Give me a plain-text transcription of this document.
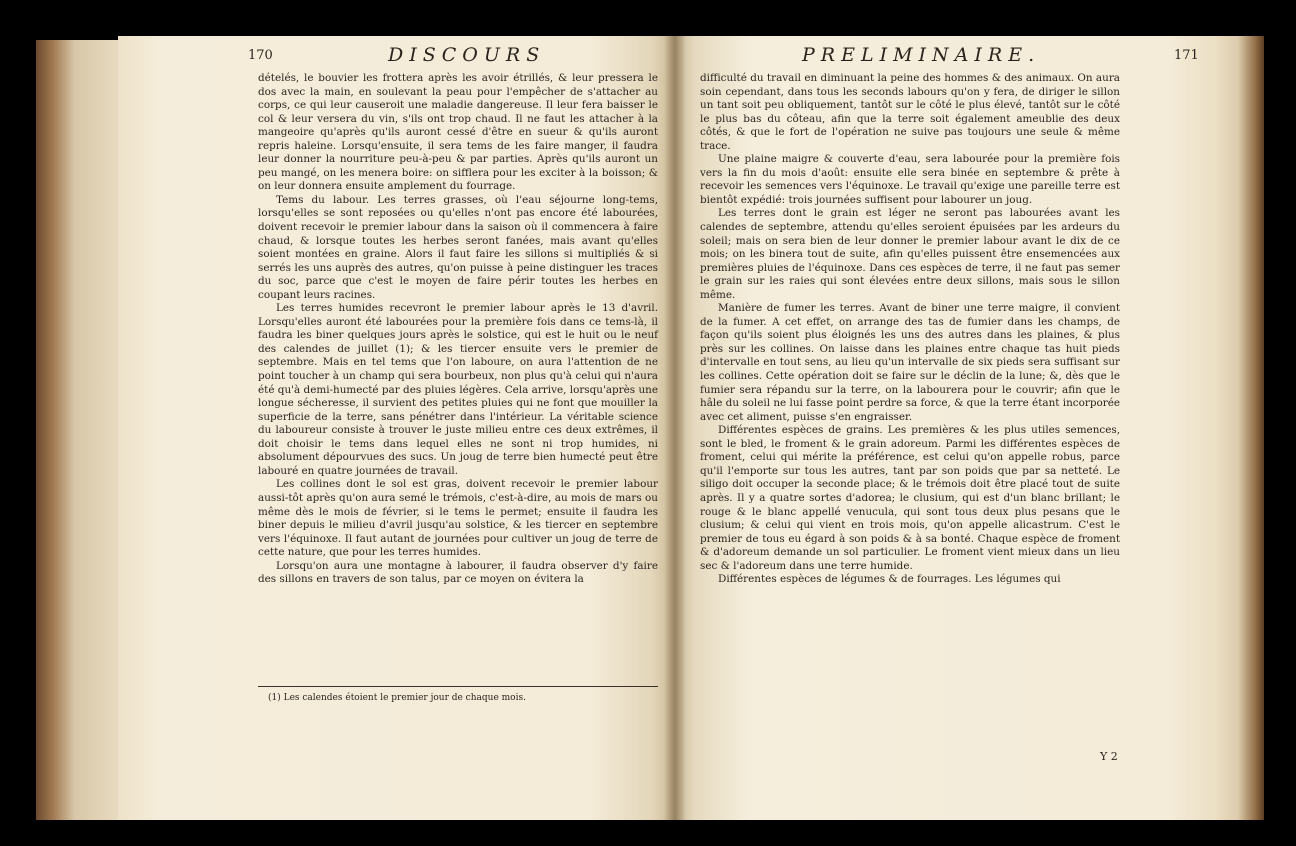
170	DISCOURS

dételés, le bouvier les frottera après les avoir étrillés, & leur pressera le dos avec la main, en soulevant la peau pour l'empêcher de s'attacher au corps, ce qui leur causeroit une maladie dangereuse. Il leur fera baisser le col & leur versera du vin, s'ils ont trop chaud. Il ne faut les attacher à la mangeoire qu'après qu'ils auront cessé d'être en sueur & qu'ils auront repris haleine. Lorsqu'ensuite, il sera tems de les faire manger, il faudra leur donner la nourriture peu-à-peu & par parties. Après qu'ils auront un peu mangé, on les menera boire: on sifflera pour les exciter à la boisson; & on leur donnera ensuite amplement du fourrage.

Tems du labour. Les terres grasses, où l'eau séjourne long-tems, lorsqu'elles se sont reposées ou qu'elles n'ont pas encore été labourées, doivent recevoir le premier labour dans la saison où il commencera à faire chaud, & lorsque toutes les herbes seront fanées, mais avant qu'elles soient montées en graine. Alors il faut faire les sillons si multipliés & si serrés les uns auprès des autres, qu'on puisse à peine distinguer les traces du soc, parce que c'est le moyen de faire périr toutes les herbes en coupant leurs racines.

Les terres humides recevront le premier labour après le 13 d'avril. Lorsqu'elles auront été labourées pour la première fois dans ce tems-là, il faudra les biner quelques jours après le solstice, qui est le huit ou le neuf des calendes de juillet (1); & les tiercer ensuite vers le premier de septembre. Mais en tel tems que l'on laboure, on aura l'attention de ne point toucher à un champ qui sera bourbeux, non plus qu'à celui qui n'aura été qu'à demi-humecté par des pluies légères. Cela arrive, lorsqu'après une longue sécheresse, il survient des petites pluies qui ne font que mouiller la superficie de la terre, sans pénétrer dans l'intérieur. La véritable science du laboureur consiste à trouver le juste milieu entre ces deux extrêmes, il doit choisir le tems dans lequel elles ne sont ni trop humides, ni absolument dépourvues des sucs. Un joug de terre bien humecté peut être labouré en quatre journées de travail.

Les collines dont le sol est gras, doivent recevoir le premier labour aussi-tôt après qu'on aura semé le trémois, c'est-à-dire, au mois de mars ou même dès le mois de février, si le tems le permet; ensuite il faudra les biner depuis le milieu d'avril jusqu'au solstice, & les tiercer en septembre vers l'équinoxe. Il faut autant de journées pour cultiver un joug de terre de cette nature, que pour les terres humides.

Lorsqu'on aura une montagne à labourer, il faudra observer d'y faire des sillons en travers de son talus, par ce moyen on évitera la

(1) Les calendes étoient le premier jour de chaque mois.
PRELIMINAIRE.	171

difficulté du travail en diminuant la peine des hommes & des animaux. On aura soin cependant, dans tous les seconds labours qu'on y fera, de diriger le sillon un tant soit peu obliquement, tantôt sur le côté le plus élevé, tantôt sur le côté le plus bas du côteau, afin que la terre soit également ameublie des deux côtés, & que le fort de l'opération ne suive pas toujours une seule & même trace.

Une plaine maigre & couverte d'eau, sera labourée pour la première fois vers la fin du mois d'août: ensuite elle sera binée en septembre & prête à recevoir les semences vers l'équinoxe. Le travail qu'exige une pareille terre est bientôt expédié: trois journées suffisent pour labourer un joug.

Les terres dont le grain est léger ne seront pas labourées avant les calendes de septembre, attendu qu'elles seroient épuisées par les ardeurs du soleil; mais on sera bien de leur donner le premier labour avant le dix de ce mois; on les binera tout de suite, afin qu'elles puissent être ensemencées aux premières pluies de l'équinoxe. Dans ces espèces de terre, il ne faut pas semer le grain sur les raies qui sont élevées entre deux sillons, mais sous le sillon même.

Manière de fumer les terres. Avant de biner une terre maigre, il convient de la fumer. A cet effet, on arrange des tas de fumier dans les champs, de façon qu'ils soient plus éloignés les uns des autres dans les plaines, & plus près sur les collines. On laisse dans les plaines entre chaque tas huit pieds d'intervalle en tout sens, au lieu qu'un intervalle de six pieds sera suffisant sur les collines. Cette opération doit se faire sur le déclin de la lune; &, dès que le fumier sera répandu sur la terre, on la labourera pour le couvrir; afin que le hâle du soleil ne lui fasse point perdre sa force, & que la terre étant incorporée avec cet aliment, puisse s'en engraisser.

Différentes espèces de grains. Les premières & les plus utiles semences, sont le bled, le froment & le grain adoreum. Parmi les différentes espèces de froment, celui qui mérite la préférence, est celui qu'on appelle robus, parce qu'il l'emporte sur tous les autres, tant par son poids que par sa netteté. Le siligo doit occuper la seconde place; & le trémois doit être placé tout de suite après. Il y a quatre sortes d'adorea; le clusium, qui est d'un blanc brillant; le rouge & le blanc appellé venucula, qui sont tous deux plus pesans que le clusium; & celui qui vient en trois mois, qu'on appelle alicastrum. C'est le premier de tous eu égard à son poids & à sa bonté. Chaque espèce de froment & d'adoreum demande un sol particulier. Le froment vient mieux dans un lieu sec & l'adoreum dans une terre humide.

Différentes espèces de légumes & de fourrages. Les légumes qui

Y 2
